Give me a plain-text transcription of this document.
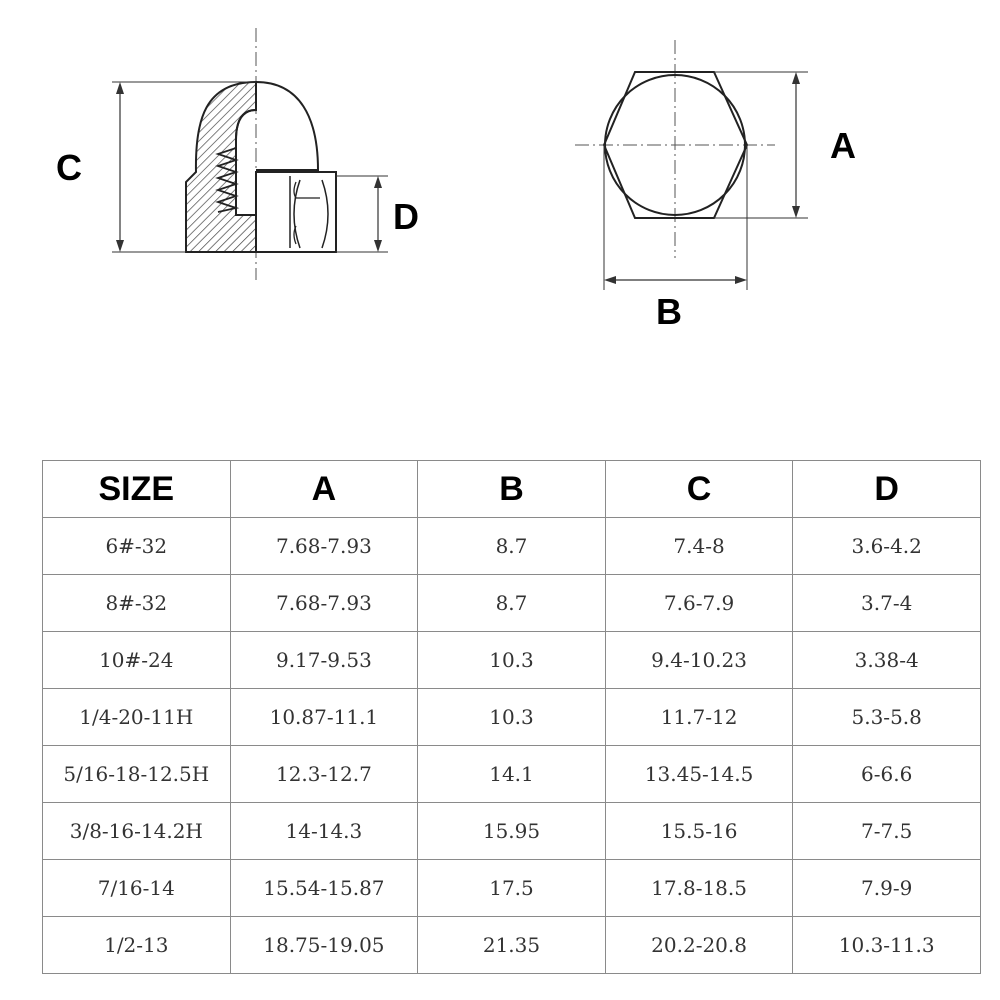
C
D
A
B
SIZE	A	B	C	D
6#-32	7.68-7.93	8.7	7.4-8	3.6-4.2
8#-32	7.68-7.93	8.7	7.6-7.9	3.7-4
10#-24	9.17-9.53	10.3	9.4-10.23	3.38-4
1/4-20-11H	10.87-11.1	10.3	11.7-12	5.3-5.8
5/16-18-12.5H	12.3-12.7	14.1	13.45-14.5	6-6.6
3/8-16-14.2H	14-14.3	15.95	15.5-16	7-7.5
7/16-14	15.54-15.87	17.5	17.8-18.5	7.9-9
1/2-13	18.75-19.05	21.35	20.2-20.8	10.3-11.3
